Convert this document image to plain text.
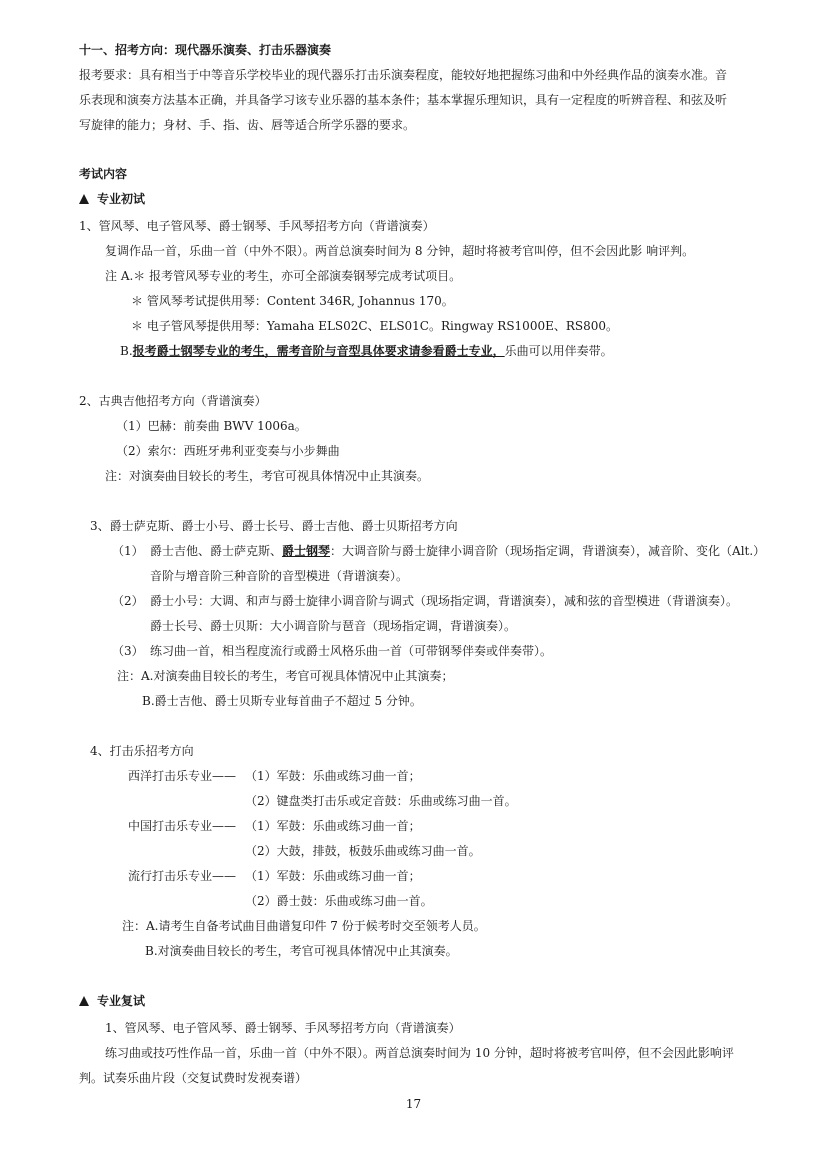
十一、招考方向：现代器乐演奏、打击乐器演奏
报考要求：具有相当于中等音乐学校毕业的现代器乐打击乐演奏程度，能较好地把握练习曲和中外经典作品的演奏水准。音
乐表现和演奏方法基本正确，并具备学习该专业乐器的基本条件；基本掌握乐理知识，具有一定程度的听辨音程、和弦及听
写旋律的能力；身材、手、指、齿、唇等适合所学乐器的要求。
考试内容
专业初试
1、管风琴、电子管风琴、爵士钢琴、手风琴招考方向（背谱演奏）
复调作品一首，乐曲一首（中外不限）。两首总演奏时间为 8 分钟，超时将被考官叫停，但不会因此影 响评判。
注 A.＊ 报考管风琴专业的考生，亦可全部演奏钢琴完成考试项目。
＊ 管风琴考试提供用琴：Content 346R, Johannus 170。
＊ 电子管风琴提供用琴：Yamaha ELS02C、ELS01C。Ringway RS1000E、RS800。
B.报考爵士钢琴专业的考生，需考音阶与音型具体要求请参看爵士专业，乐曲可以用伴奏带。
2、古典吉他招考方向（背谱演奏）
（1）巴赫：前奏曲 BWV 1006a。
（2）索尔：西班牙弗利亚变奏与小步舞曲
注：对演奏曲目较长的考生，考官可视具体情况中止其演奏。
3、爵士萨克斯、爵士小号、爵士长号、爵士吉他、爵士贝斯招考方向
（1） 爵士吉他、爵士萨克斯、爵士钢琴：大调音阶与爵士旋律小调音阶（现场指定调，背谱演奏），减音阶、变化（Alt.）
音阶与增音阶三种音阶的音型模进（背谱演奏）。
（2） 爵士小号：大调、和声与爵士旋律小调音阶与调式（现场指定调，背谱演奏），减和弦的音型模进（背谱演奏）。
爵士长号、爵士贝斯：大小调音阶与琶音（现场指定调，背谱演奏）。
（3） 练习曲一首，相当程度流行或爵士风格乐曲一首（可带钢琴伴奏或伴奏带）。
注：A.对演奏曲目较长的考生，考官可视具体情况中止其演奏；
B.爵士吉他、爵士贝斯专业每首曲子不超过 5 分钟。
4、打击乐招考方向
西洋打击乐专业—— （1）军鼓：乐曲或练习曲一首；
（2）键盘类打击乐或定音鼓：乐曲或练习曲一首。
中国打击乐专业—— （1）军鼓：乐曲或练习曲一首；
（2）大鼓，排鼓，板鼓乐曲或练习曲一首。
流行打击乐专业—— （1）军鼓：乐曲或练习曲一首；
（2）爵士鼓：乐曲或练习曲一首。
注：A.请考生自备考试曲目曲谱复印件 7 份于候考时交至领考人员。
B.对演奏曲目较长的考生，考官可视具体情况中止其演奏。
专业复试
1、管风琴、电子管风琴、爵士钢琴、手风琴招考方向（背谱演奏）
练习曲或技巧性作品一首，乐曲一首（中外不限）。两首总演奏时间为 10 分钟，超时将被考官叫停，但不会因此影响评
判。试奏乐曲片段（交复试费时发视奏谱）
17
